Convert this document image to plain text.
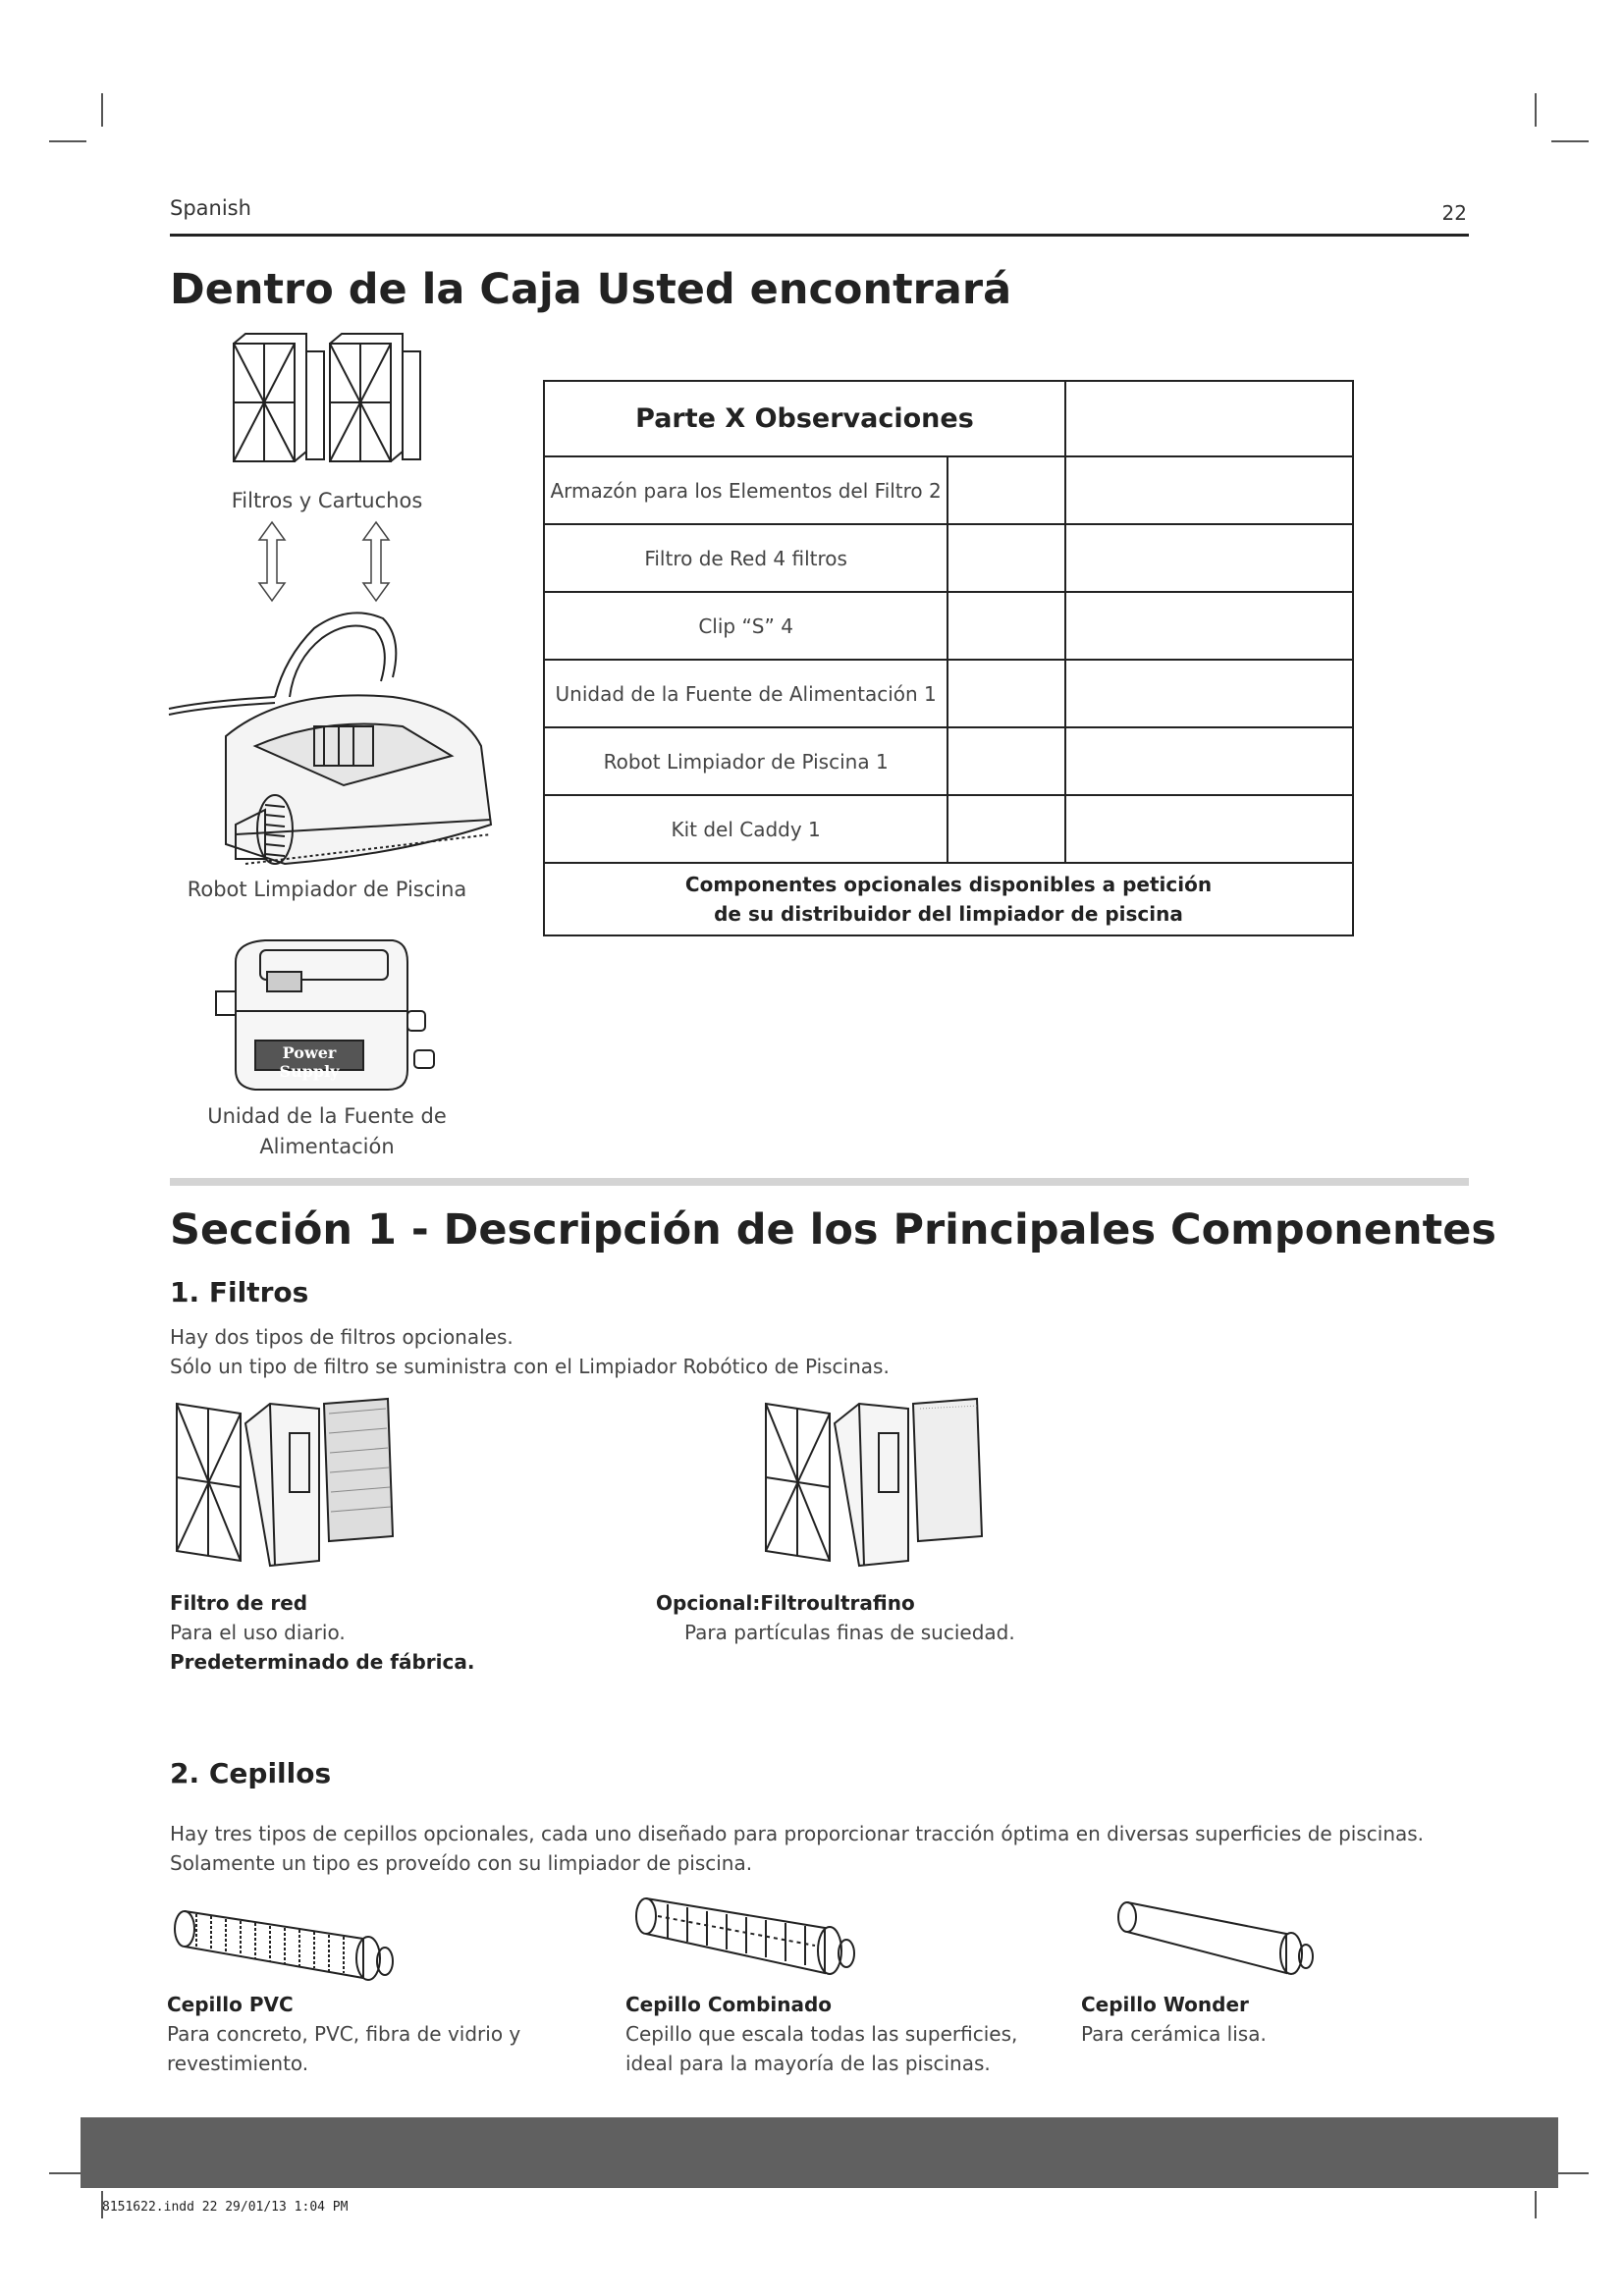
Spanish	22
Dentro de la Caja Usted encontrará
Filtros y Cartuchos
Robot Limpiador de Piscina
Power Supply
Unidad de la Fuente de
Alimentación
Parte X Observaciones		
Armazón para los Elementos del Filtro 2		
Filtro de Red 4 filtros		
Clip “S” 4		
Unidad de la Fuente de Alimentación 1		
Robot Limpiador de Piscina 1		
Kit del Caddy 1		

Componentes opcionales disponibles a petición
de su distribuidor del limpiador de piscina		
Sección 1 - Descripción de los Principales Componentes
1. Filtros
Hay dos tipos de filtros opcionales.
Sólo un tipo de filtro se suministra con el Limpiador Robótico de Piscinas.
Filtro de red
Para el uso diario.
Predeterminado de fábrica.
Opcional:Filtroultrafino
Para partículas finas de suciedad.
2. Cepillos
Hay tres tipos de cepillos opcionales, cada uno diseñado para proporcionar tracción óptima en diversas superficies de piscinas.
Solamente un tipo es proveído con su limpiador de piscina.
Cepillo PVC
Para concreto, PVC, fibra de vidrio y
revestimiento.
Cepillo Combinado
Cepillo que escala todas las superficies,
ideal para la mayoría de las piscinas.
Cepillo Wonder
Para cerámica lisa.
8151622.indd 22 29/01/13 1:04 PM
